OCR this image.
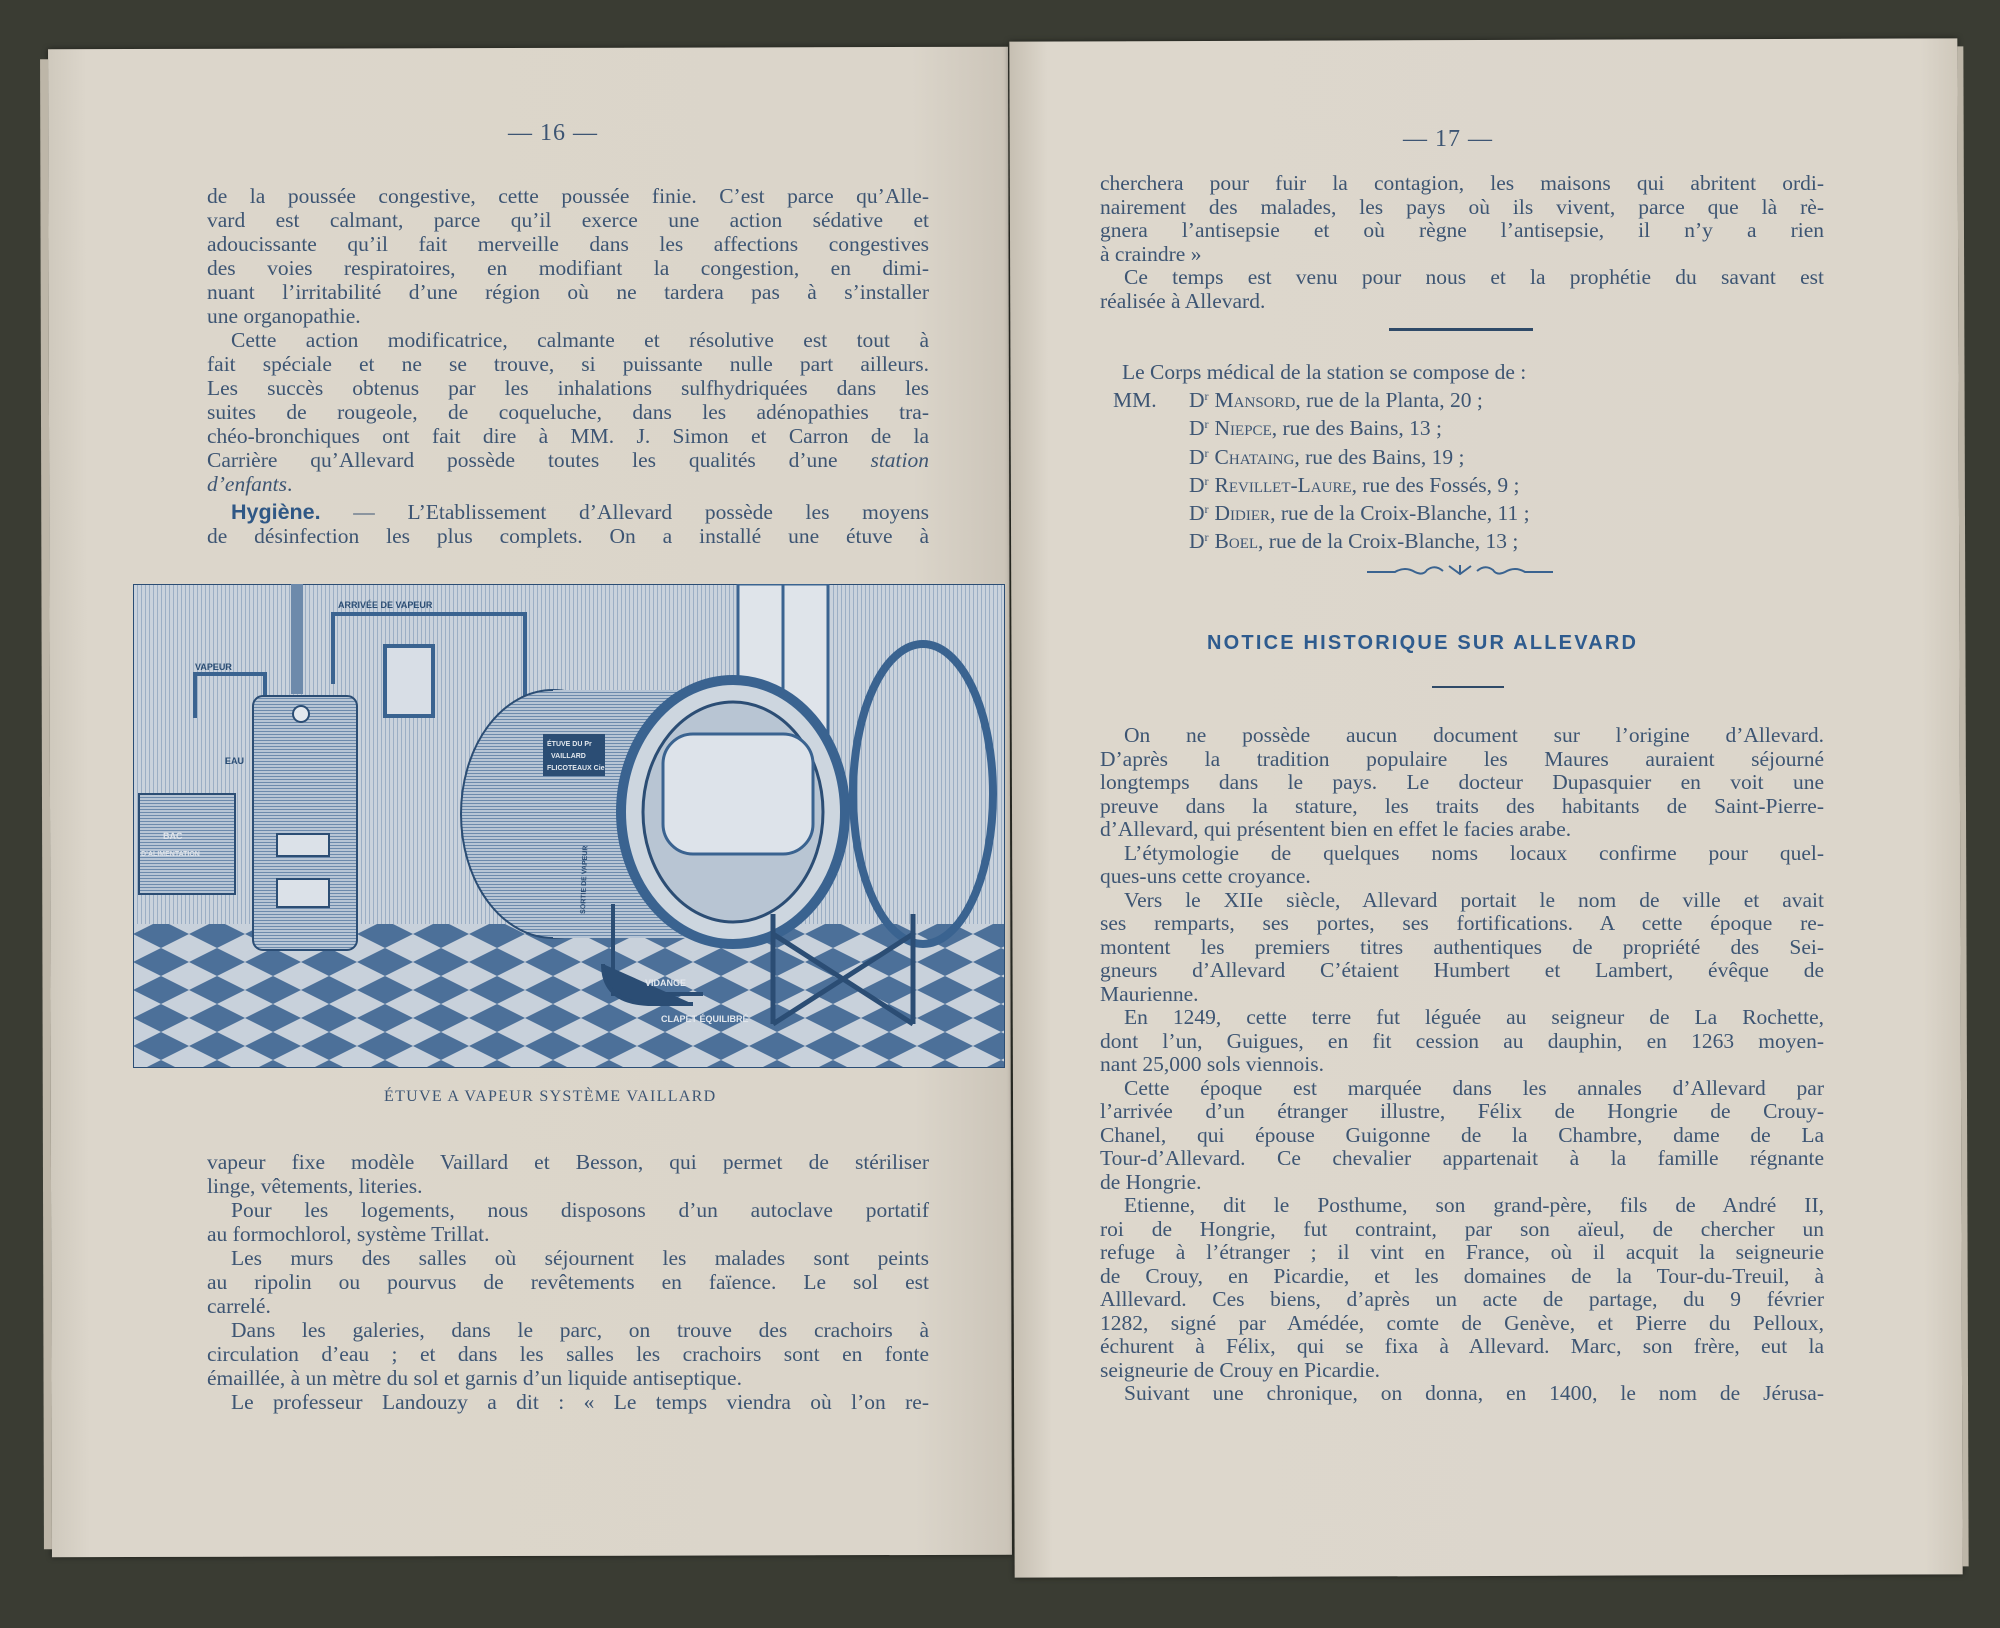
— 16 —
de la poussée congestive, cette poussée finie. C’est parce qu’Alle-
vard est calmant, parce qu’il exerce une action sédative et
adoucissante qu’il fait merveille dans les affections congestives
des voies respiratoires, en modifiant la congestion, en dimi-
nuant l’irritabilité d’une région où ne tardera pas à s’installer
une organopathie.
Cette action modificatrice, calmante et résolutive est tout à
fait spéciale et ne se trouve, si puissante nulle part ailleurs.
Les succès obtenus par les inhalations sulfhydriquées dans les
suites de rougeole, de coqueluche, dans les adénopathies tra-
chéo-bronchiques ont fait dire à MM. J. Simon et Carron de la
Carrière qu’Allevard possède toutes les qualités d’une station
d’enfants.
Hygiène. — L’Etablissement d’Allevard possède les moyens
de désinfection les plus complets. On a installé une étuve à
ARRIVÉE DE VAPEUR
VAPEUR
EAU
BAC
D’ALIMENTATION
ÉTUVE DU Pr
VAILLARD
FLICOTEAUX Cie
SORTIE DE VAPEUR
VIDANGE
CLAPET ÉQUILIBRÉ
ÉTUVE A VAPEUR SYSTÈME VAILLARD
vapeur fixe modèle Vaillard et Besson, qui permet de stériliser
linge, vêtements, literies.
Pour les logements, nous disposons d’un autoclave portatif
au formochlorol, système Trillat.
Les murs des salles où séjournent les malades sont peints
au ripolin ou pourvus de revêtements en faïence. Le sol est
carrelé.
Dans les galeries, dans le parc, on trouve des crachoirs à
circulation d’eau ; et dans les salles les crachoirs sont en fonte
émaillée, à un mètre du sol et garnis d’un liquide antiseptique.
Le professeur Landouzy a dit : « Le temps viendra où l’on re-
— 17 —
cherchera pour fuir la contagion, les maisons qui abritent ordi-
nairement des malades, les pays où ils vivent, parce que là rè-
gnera l’antisepsie et où règne l’antisepsie, il n’y a rien
à craindre »
Ce temps est venu pour nous et la prophétie du savant est
réalisée à Allevard.
Le Corps médical de la station se compose de :
MM. $D^r$ Mansord, rue de la Planta, 20 ;
$D^r$ Niepce, rue des Bains, 13 ;
$D^r$ Chataing, rue des Bains, 19 ;
$D^r$ Revillet-Laure, rue des Fossés, 9 ;
$D^r$ Didier, rue de la Croix-Blanche, 11 ;
$D^r$ Boel, rue de la Croix-Blanche, 13 ;
NOTICE HISTORIQUE SUR ALLEVARD
On ne possède aucun document sur l’origine d’Allevard.
D’après la tradition populaire les Maures auraient séjourné
longtemps dans le pays. Le docteur Dupasquier en voit une
preuve dans la stature, les traits des habitants de Saint-Pierre-
d’Allevard, qui présentent bien en effet le facies arabe.
L’étymologie de quelques noms locaux confirme pour quel-
ques-uns cette croyance.
Vers le XIIe siècle, Allevard portait le nom de ville et avait
ses remparts, ses portes, ses fortifications. A cette époque re-
montent les premiers titres authentiques de propriété des Sei-
gneurs d’Allevard C’étaient Humbert et Lambert, évêque de
Maurienne.
En 1249, cette terre fut léguée au seigneur de La Rochette,
dont l’un, Guigues, en fit cession au dauphin, en 1263 moyen-
nant 25,000 sols viennois.
Cette époque est marquée dans les annales d’Allevard par
l’arrivée d’un étranger illustre, Félix de Hongrie de Crouy-
Chanel, qui épouse Guigonne de la Chambre, dame de La
Tour-d’Allevard. Ce chevalier appartenait à la famille régnante
de Hongrie.
Etienne, dit le Posthume, son grand-père, fils de André II,
roi de Hongrie, fut contraint, par son aïeul, de chercher un
refuge à l’étranger ; il vint en France, où il acquit la seigneurie
de Crouy, en Picardie, et les domaines de la Tour-du-Treuil, à
Alllevard. Ces biens, d’après un acte de partage, du 9 février
1282, signé par Amédée, comte de Genève, et Pierre du Pelloux,
échurent à Félix, qui se fixa à Allevard. Marc, son frère, eut la
seigneurie de Crouy en Picardie.
Suivant une chronique, on donna, en 1400, le nom de Jérusa-
